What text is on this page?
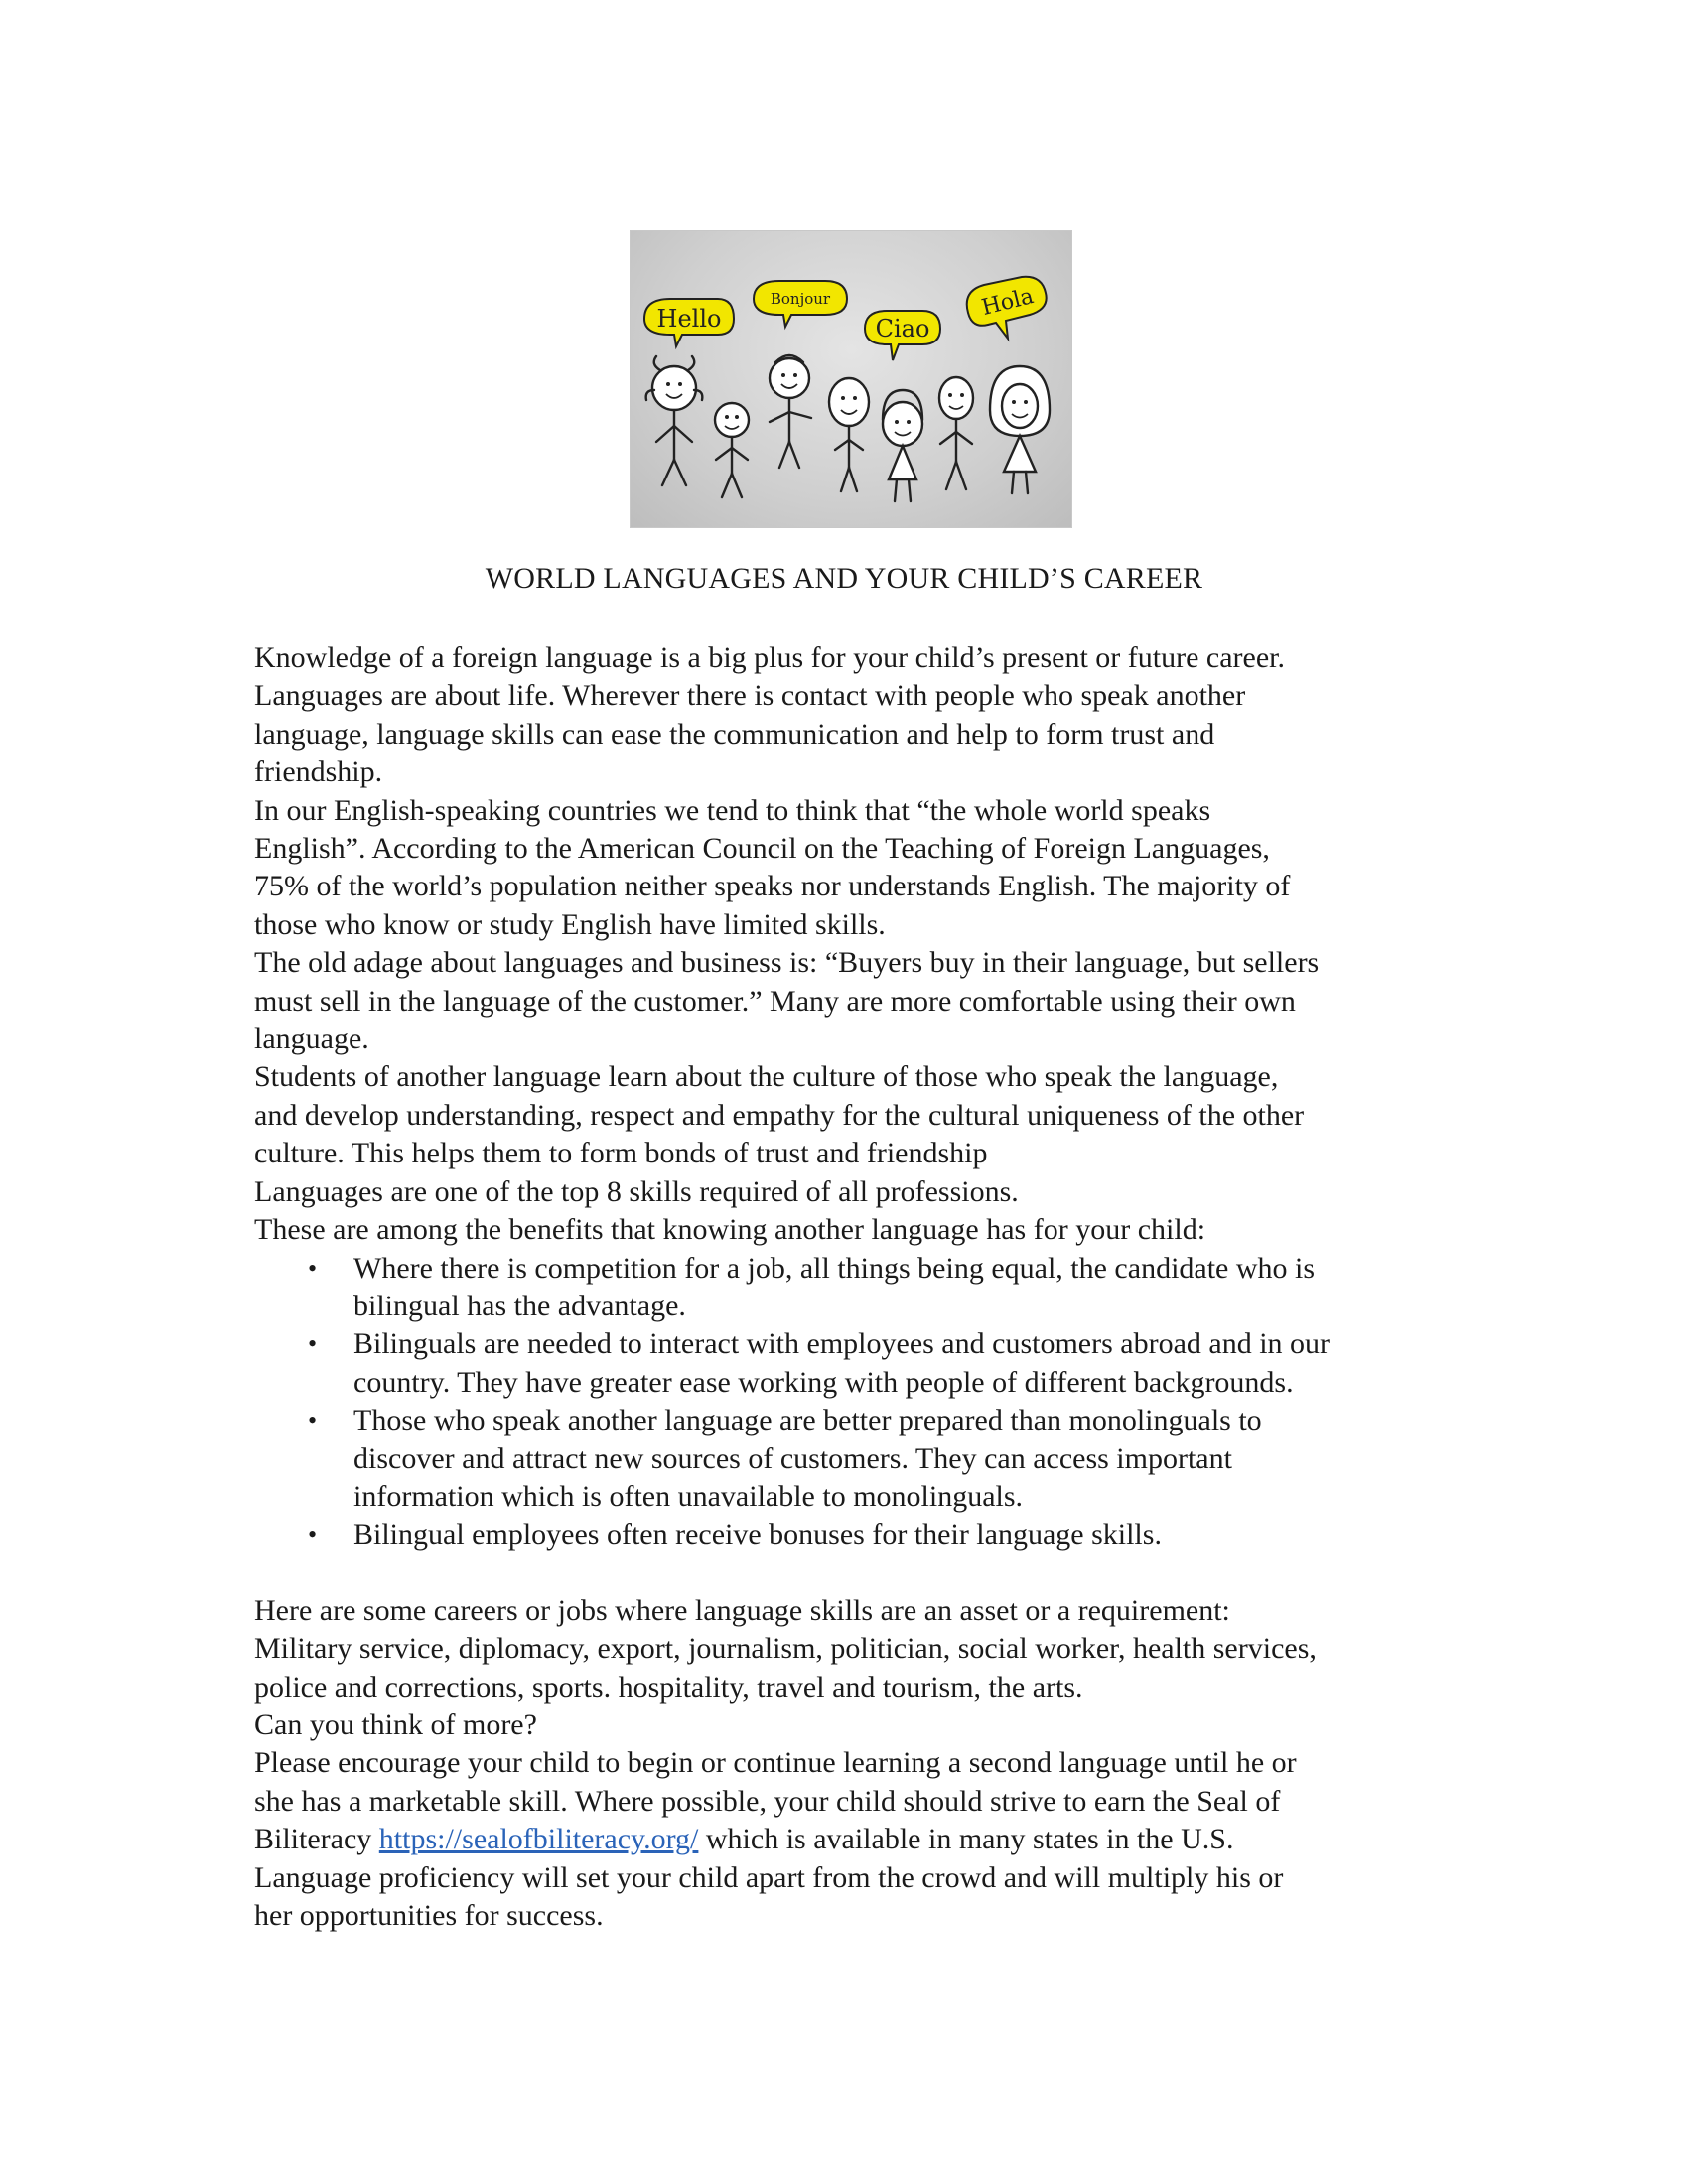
Hello
Bonjour
Ciao
Hola
WORLD LANGUAGES AND YOUR CHILD’S CAREER

Knowledge of a foreign language is a big plus for your child’s present or future career.
Languages are about life. Wherever there is contact with people who speak another
language, language skills can ease the communication and help to form trust and
friendship.

In our English-speaking countries we tend to think that “the whole world speaks
English”. According to the American Council on the Teaching of Foreign Languages,
75% of the world’s population neither speaks nor understands English. The majority of
those who know or study English have limited skills.

The old adage about languages and business is: “Buyers buy in their language, but sellers
must sell in the language of the customer.” Many are more comfortable using their own
language.

Students of another language learn about the culture of those who speak the language,
and develop understanding, respect and empathy for the cultural uniqueness of the other
culture. This helps them to form bonds of trust and friendship

Languages are one of the top 8 skills required of all professions.

These are among the benefits that knowing another language has for your child:

• Where there is competition for a job, all things being equal, the candidate who is
bilingual has the advantage.
• Bilinguals are needed to interact with employees and customers abroad and in our
country. They have greater ease working with people of different backgrounds.
• Those who speak another language are better prepared than monolinguals to
discover and attract new sources of customers. They can access important
information which is often unavailable to monolinguals.
• Bilingual employees often receive bonuses for their language skills.

Here are some careers or jobs where language skills are an asset or a requirement:
Military service, diplomacy, export, journalism, politician, social worker, health services,
police and corrections, sports. hospitality, travel and tourism, the arts.

Can you think of more?

Please encourage your child to begin or continue learning a second language until he or
she has a marketable skill. Where possible, your child should strive to earn the Seal of
Biliteracy https://sealofbiliteracy.org/ which is available in many states in the U.S.
Language proficiency will set your child apart from the crowd and will multiply his or
her opportunities for success.
